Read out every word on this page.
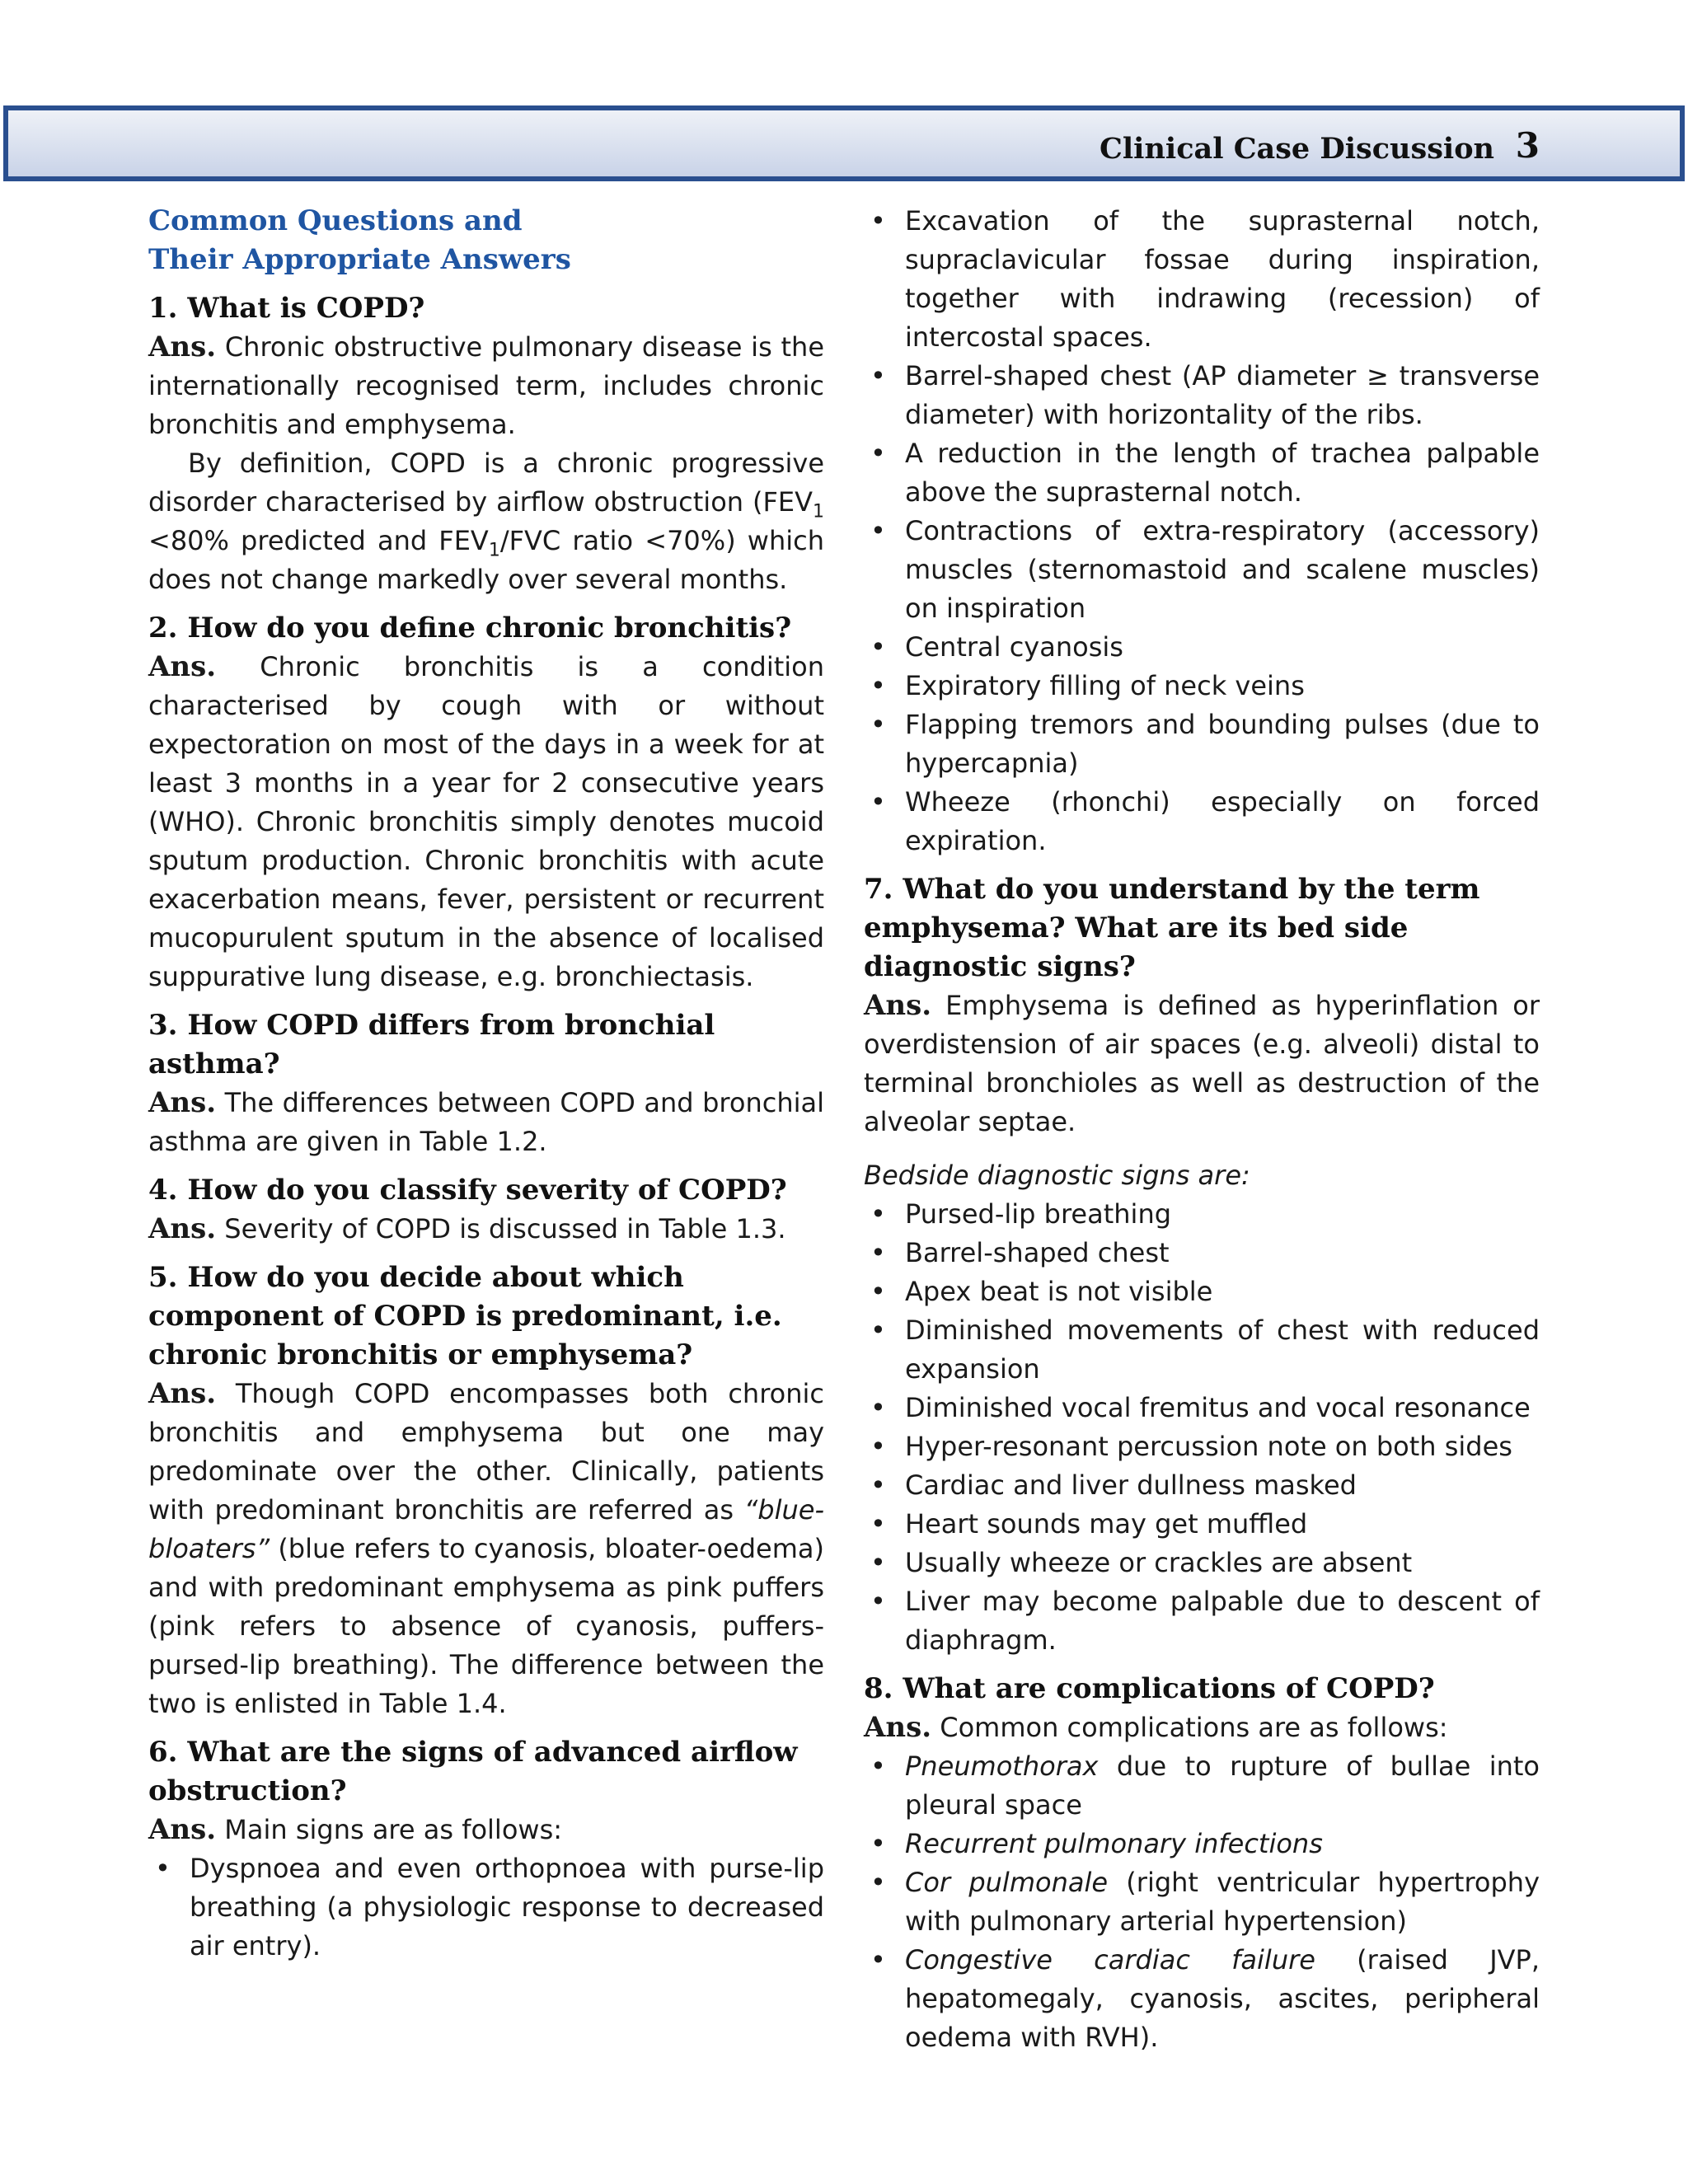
Clinical Case Discussion 3
Common Questions and
Their Appropriate Answers

1. What is COPD?

Ans. Chronic obstructive pulmonary disease is the internationally recognised term, includes chronic bronchitis and emphysema.

By definition, COPD is a chronic progressive disorder characterised by airflow obstruction ($FEV_1 <80\%$ predicted and $FEV_1$/FVC ratio <70%) which does not change markedly over several months.

2. How do you define chronic bronchitis?

Ans. Chronic bronchitis is a condition characterised by cough with or without expectoration on most of the days in a week for at least 3 months in a year for 2 consecutive years (WHO). Chronic bronchitis simply denotes mucoid sputum production. Chronic bronchitis with acute exacerbation means, fever, persistent or recurrent mucopurulent sputum in the absence of localised suppurative lung disease, e.g. bronchiectasis.

3. How COPD differs from bronchial asthma?

Ans. The differences between COPD and bronchial asthma are given in Table 1.2.

4. How do you classify severity of COPD?

Ans. Severity of COPD is discussed in Table 1.3.

5. How do you decide about which component of COPD is predominant, i.e. chronic bronchitis or emphysema?

Ans. Though COPD encompasses both chronic bronchitis and emphysema but one may predominate over the other. Clinically, patients with predominant bronchitis are referred as “blue-bloaters” (blue refers to cyanosis, bloater-oedema) and with predominant emphysema as pink puffers (pink refers to absence of cyanosis, puffers-pursed-lip breathing). The difference between the two is enlisted in Table 1.4.

6. What are the signs of advanced airflow obstruction?

Ans. Main signs are as follows:

• Dyspnoea and even orthopnoea with purse-lip breathing (a physiologic response to decreased air entry).
• Excavation of the suprasternal notch, supraclavicular fossae during inspiration, together with indrawing (recession) of intercostal spaces.
• Barrel-shaped chest (AP diameter ≥ transverse diameter) with horizontality of the ribs.
• A reduction in the length of trachea palpable above the suprasternal notch.
• Contractions of extra-respiratory (accessory) muscles (sternomastoid and scalene muscles) on inspiration
• Central cyanosis
• Expiratory filling of neck veins
• Flapping tremors and bounding pulses (due to hypercapnia)
• Wheeze (rhonchi) especially on forced expiration.

7. What do you understand by the term emphysema? What are its bed side diagnostic signs?

Ans. Emphysema is defined as hyperinflation or overdistension of air spaces (e.g. alveoli) distal to terminal bronchioles as well as destruction of the alveolar septae.

Bedside diagnostic signs are:

• Pursed-lip breathing
• Barrel-shaped chest
• Apex beat is not visible
• Diminished movements of chest with reduced expansion
• Diminished vocal fremitus and vocal resonance
• Hyper-resonant percussion note on both sides
• Cardiac and liver dullness masked
• Heart sounds may get muffled
• Usually wheeze or crackles are absent
• Liver may become palpable due to descent of diaphragm.

8. What are complications of COPD?

Ans. Common complications are as follows:

• Pneumothorax due to rupture of bullae into pleural space
• Recurrent pulmonary infections
• Cor pulmonale (right ventricular hypertrophy with pulmonary arterial hypertension)
• Congestive cardiac failure (raised JVP, hepatomegaly, cyanosis, ascites, peripheral oedema with RVH).
